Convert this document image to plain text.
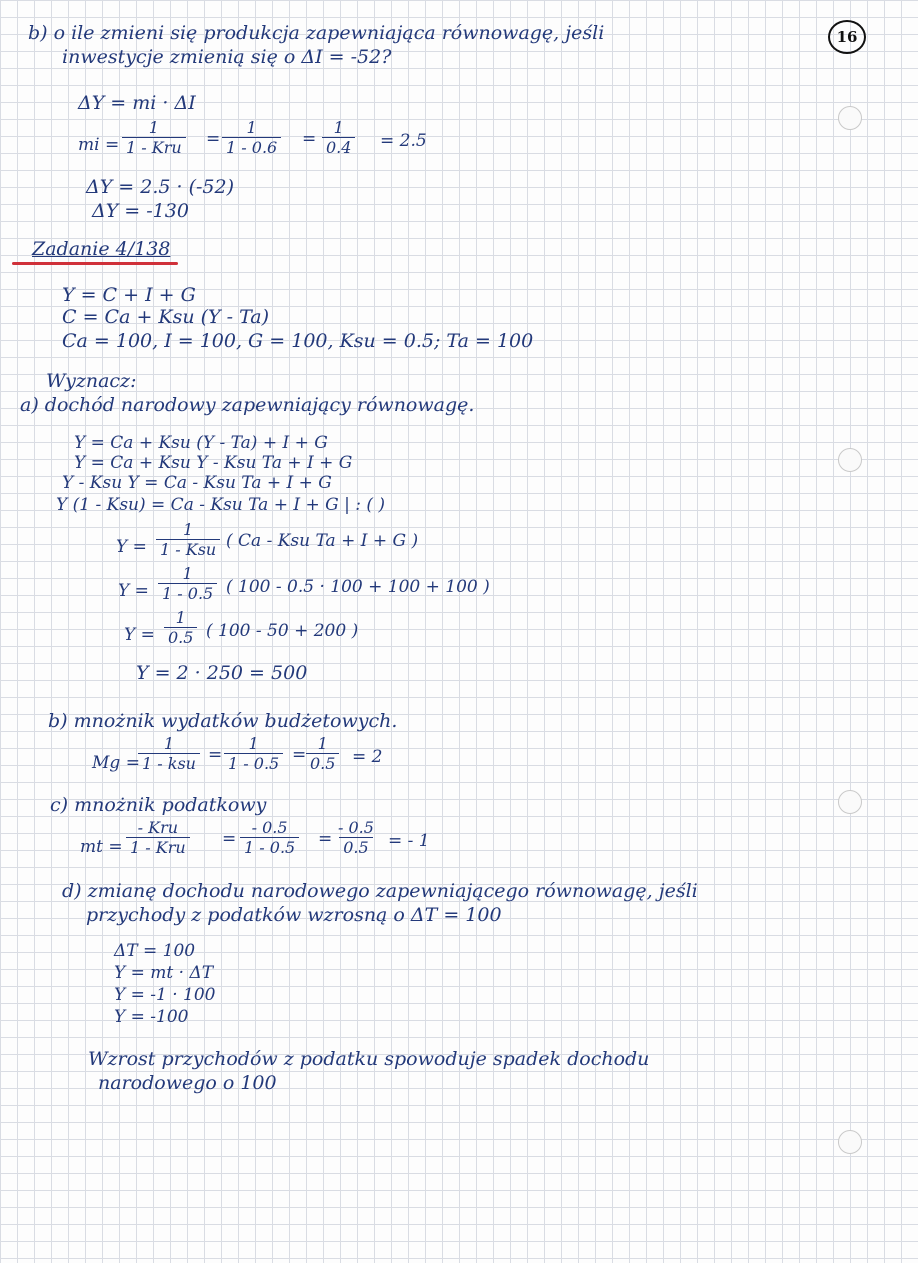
16
b) o ile zmieni się produkcja zapewniająca równowagę, jeśli
inwestycje zmienią się o ΔI = -52?
ΔY = mi · ΔI
mi =
1
1 - Kru = $\frac{1}{1 - 0.6} = \frac{1}{0.4} = 2.5$
ΔY = 2.5 · (-52)
ΔY = -130
Zadanie 4/138
Y = C + I + G
C = Ca + Ksu (Y - Ta)
Ca = 100, I = 100, G = 100, Ksu = 0.5; Ta = 100
Wyznacz:
a) dochód narodowy zapewniający równowagę.
Y = Ca + Ksu (Y - Ta) + I + G
Y = Ca + Ksu Y - Ksu Ta + I + G
Y - Ksu Y = Ca - Ksu Ta + I + G
Y (1 - Ksu) = Ca - Ksu Ta + I + G | : ( )
Y =
1
1 - Ksu ( Ca - Ksu Ta + I + G )
$Y = \frac{1}{1 - 0.5}$ ( 100 - 0.5 · 100 + 100 + 100 )
$Y = \frac{1}{0.5}$ ( 100 - 50 + 200 )
Y = 2 · 250 = 500
b) mnożnik wydatków budżetowych.
Mg =
1
1 - ksu = $\frac{1}{1 - 0.5} = \frac{1}{0.5} = 2$
c) mnożnik podatkowy
mt =
- Kru
1 - Kru = $\frac{- 0.5}{1 - 0.5} = \frac{- 0.5}{0.5}$ = - 1
d) zmianę dochodu narodowego zapewniającego równowagę, jeśli
przychody z podatków wzrosną o ΔT = 100
ΔT = 100
Y = mt · ΔT
Y = -1 · 100
Y = -100
Wzrost przychodów z podatku spowoduje spadek dochodu
narodowego o 100
